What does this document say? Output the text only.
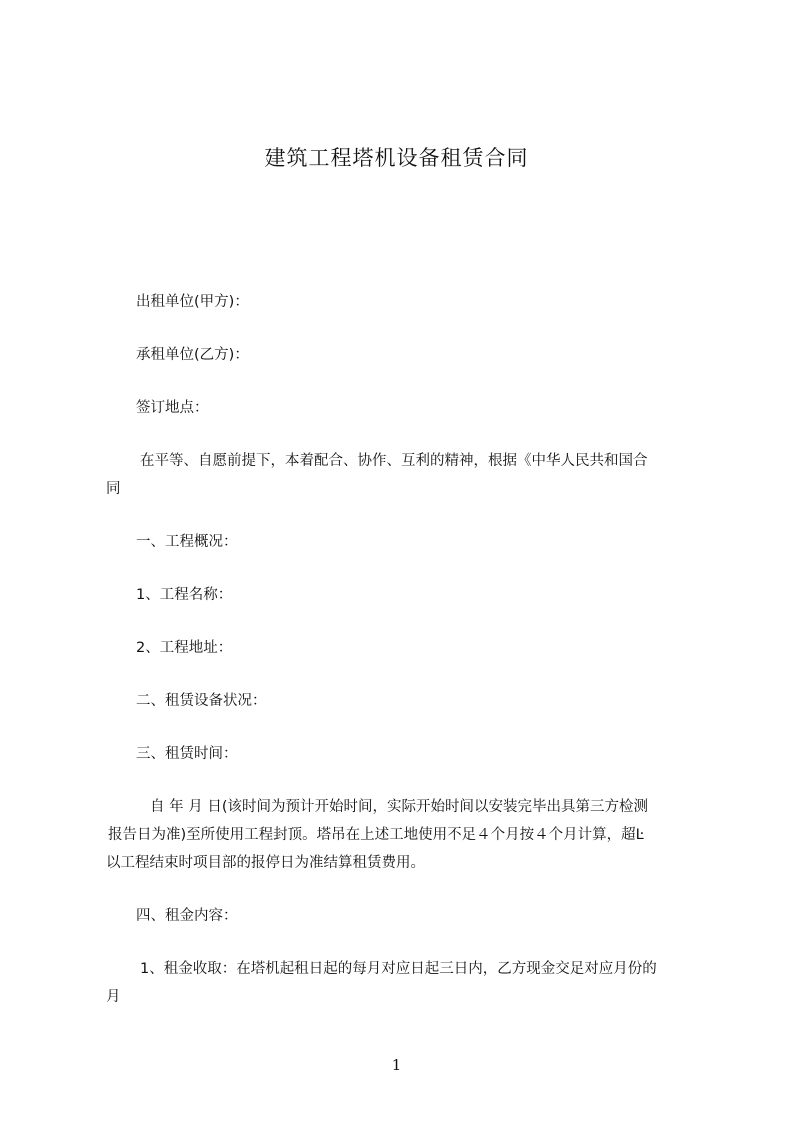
建筑工程塔机设备租赁合同

出租单位(甲方)：

承租单位(乙方)：

签订地点：

在平等、自愿前提下，本着配合、协作、互利的精神，根据《中华人民共和国合

同

一、工程概况：

1、工程名称：

2、工程地址：

二、租赁设备状况：

三、租赁时间：

自 年 月 日(该时间为预计开始时间，实际开始时间以安装完毕出具第三方检测

报告日为准)至所使用工程封顶。塔吊在上述工地使用不足４个月按４个月计算，超Ŀ

以工程结束时项目部的报停日为准结算租赁费用。

四、租金内容：

1、租金收取：在塔机起租日起的每月对应日起三日内，乙方现金交足对应月份的

月

1
